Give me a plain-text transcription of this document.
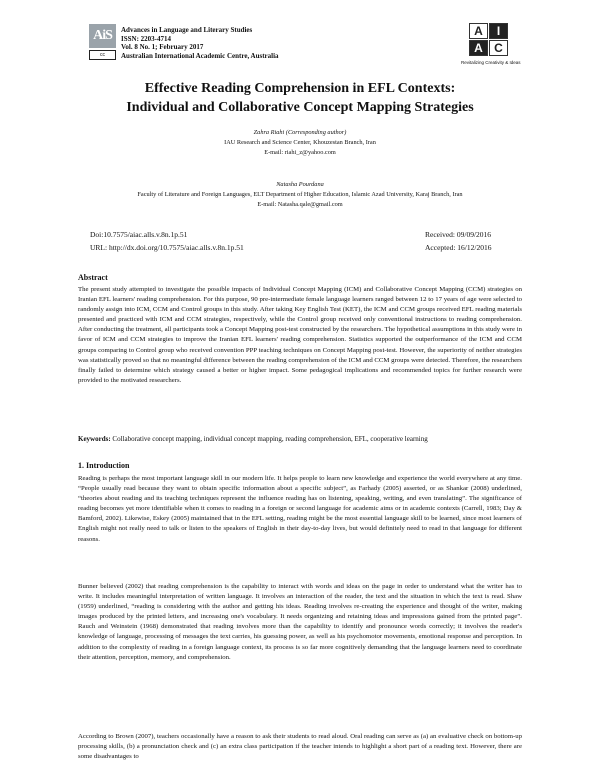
AiS	Advances in Language and Literary Studies
ISSN: 2203-4714
Vol. 8 No. 1; February 2017
cc	Australian International Academic Centre, Australia
A	I
A C
Revitalizing Creativity & Ideas
Effective Reading Comprehension in EFL Contexts:
Individual and Collaborative Concept Mapping Strategies
Zahra Riahi (Corresponding author)
IAU Research and Science Center, Khouzestan Branch, Iran
E-mail: riahi_z@yahoo.com
Natasha Pourdana
Faculty of Literature and Foreign Languages, ELT Department of Higher Education, Islamic Azad University, Karaj Branch, Iran
E-mail: Natasha.qale@gmail.com
Doi:10.7575/aiac.alls.v.8n.1p.51
URL: http://dx.doi.org/10.7575/aiac.alls.v.8n.1p.51
Received: 09/09/2016
Accepted: 16/12/2016
Abstract

The present study attempted to investigate the possible impacts of Individual Concept Mapping (ICM) and Collaborative Concept Mapping (CCM) strategies on Iranian EFL learners' reading comprehension. For this purpose, 90 pre-intermediate female language learners ranged between 12 to 17 years of age were selected to randomly assign into ICM, CCM and Control groups in this study. After taking Key English Test (KET), the ICM and CCM groups received EFL reading materials presented and practiced with ICM and CCM strategies, respectively, while the Control group received only conventional instructions to reading comprehension. After conducting the treatment, all participants took a Concept Mapping post-test constructed by the researchers. The hypothetical assumptions in this study were in favor of ICM and CCM strategies to improve the Iranian EFL learners' reading comprehension. Statistics supported the outperformance of the ICM and CCM groups comparing to Control group who received convention PPP teaching techniques on Concept Mapping post-test. However, the superiority of neither strategies was statistically proved so that no meaningful difference between the reading comprehension of the ICM and CCM groups were detected. Therefore, the researchers finally failed to determine which strategy caused a better or higher impact. Some pedagogical implications and recommended topics for further research were provided to the motivated researchers.

Keywords: Collaborative concept mapping, individual concept mapping, reading comprehension, EFL, cooperative learning
1. Introduction

Reading is perhaps the most important language skill in our modern life. It helps people to learn new knowledge and experience the world everywhere at any time. “People usually read because they want to obtain specific information about a specific subject”, as Farhady (2005) asserted, or as Shankar (2008) underlined, “theories about reading and its teaching techniques represent the influence reading has on listening, speaking, writing, and even translating”. The significance of reading becomes yet more identifiable when it comes to reading in a foreign or second language for academic aims or in academic contexts (Carrell, 1983; Day & Bamford, 2002). Likewise, Eskey (2005) maintained that in the EFL setting, reading might be the most essential language skill to be learned, since most learners of English might not really need to talk or listen to the speakers of English in their day-to-day lives, but would definitely need to read in that language for different reasons.

Bunner believed (2002) that reading comprehension is the capability to interact with words and ideas on the page in order to understand what the writer has to write. It includes meaningful interpretation of written language. It involves an interaction of the reader, the text and the situation in which the text is read. Shaw (1959) underlined, “reading is considering with the author and getting his ideas. Reading involves re-creating the experience and thought of the writer, making images produced by the printed letters, and increasing one's vocabulary. It needs organizing and retaining ideas and impressions gained from the printed page”. Rauch and Weinstein (1968) demonstrated that reading involves more than the capability to identify and pronounce words correctly; it involves the reader's knowledge of language, processing of messages the text carries, his guessing power, as well as his psychomotor movements, emotional response and perception. In addition to the complexity of reading in a foreign language context, its process is so far more cognitively demanding that the language learners need to coordinate their attention, perception, memory, and comprehension.

According to Brown (2007), teachers occasionally have a reason to ask their students to read aloud. Oral reading can serve as (a) an evaluative check on bottom-up processing skills, (b) a pronunciation check and (c) an extra class participation if the teacher intends to highlight a short part of a reading text. However, there are some disadvantages to
